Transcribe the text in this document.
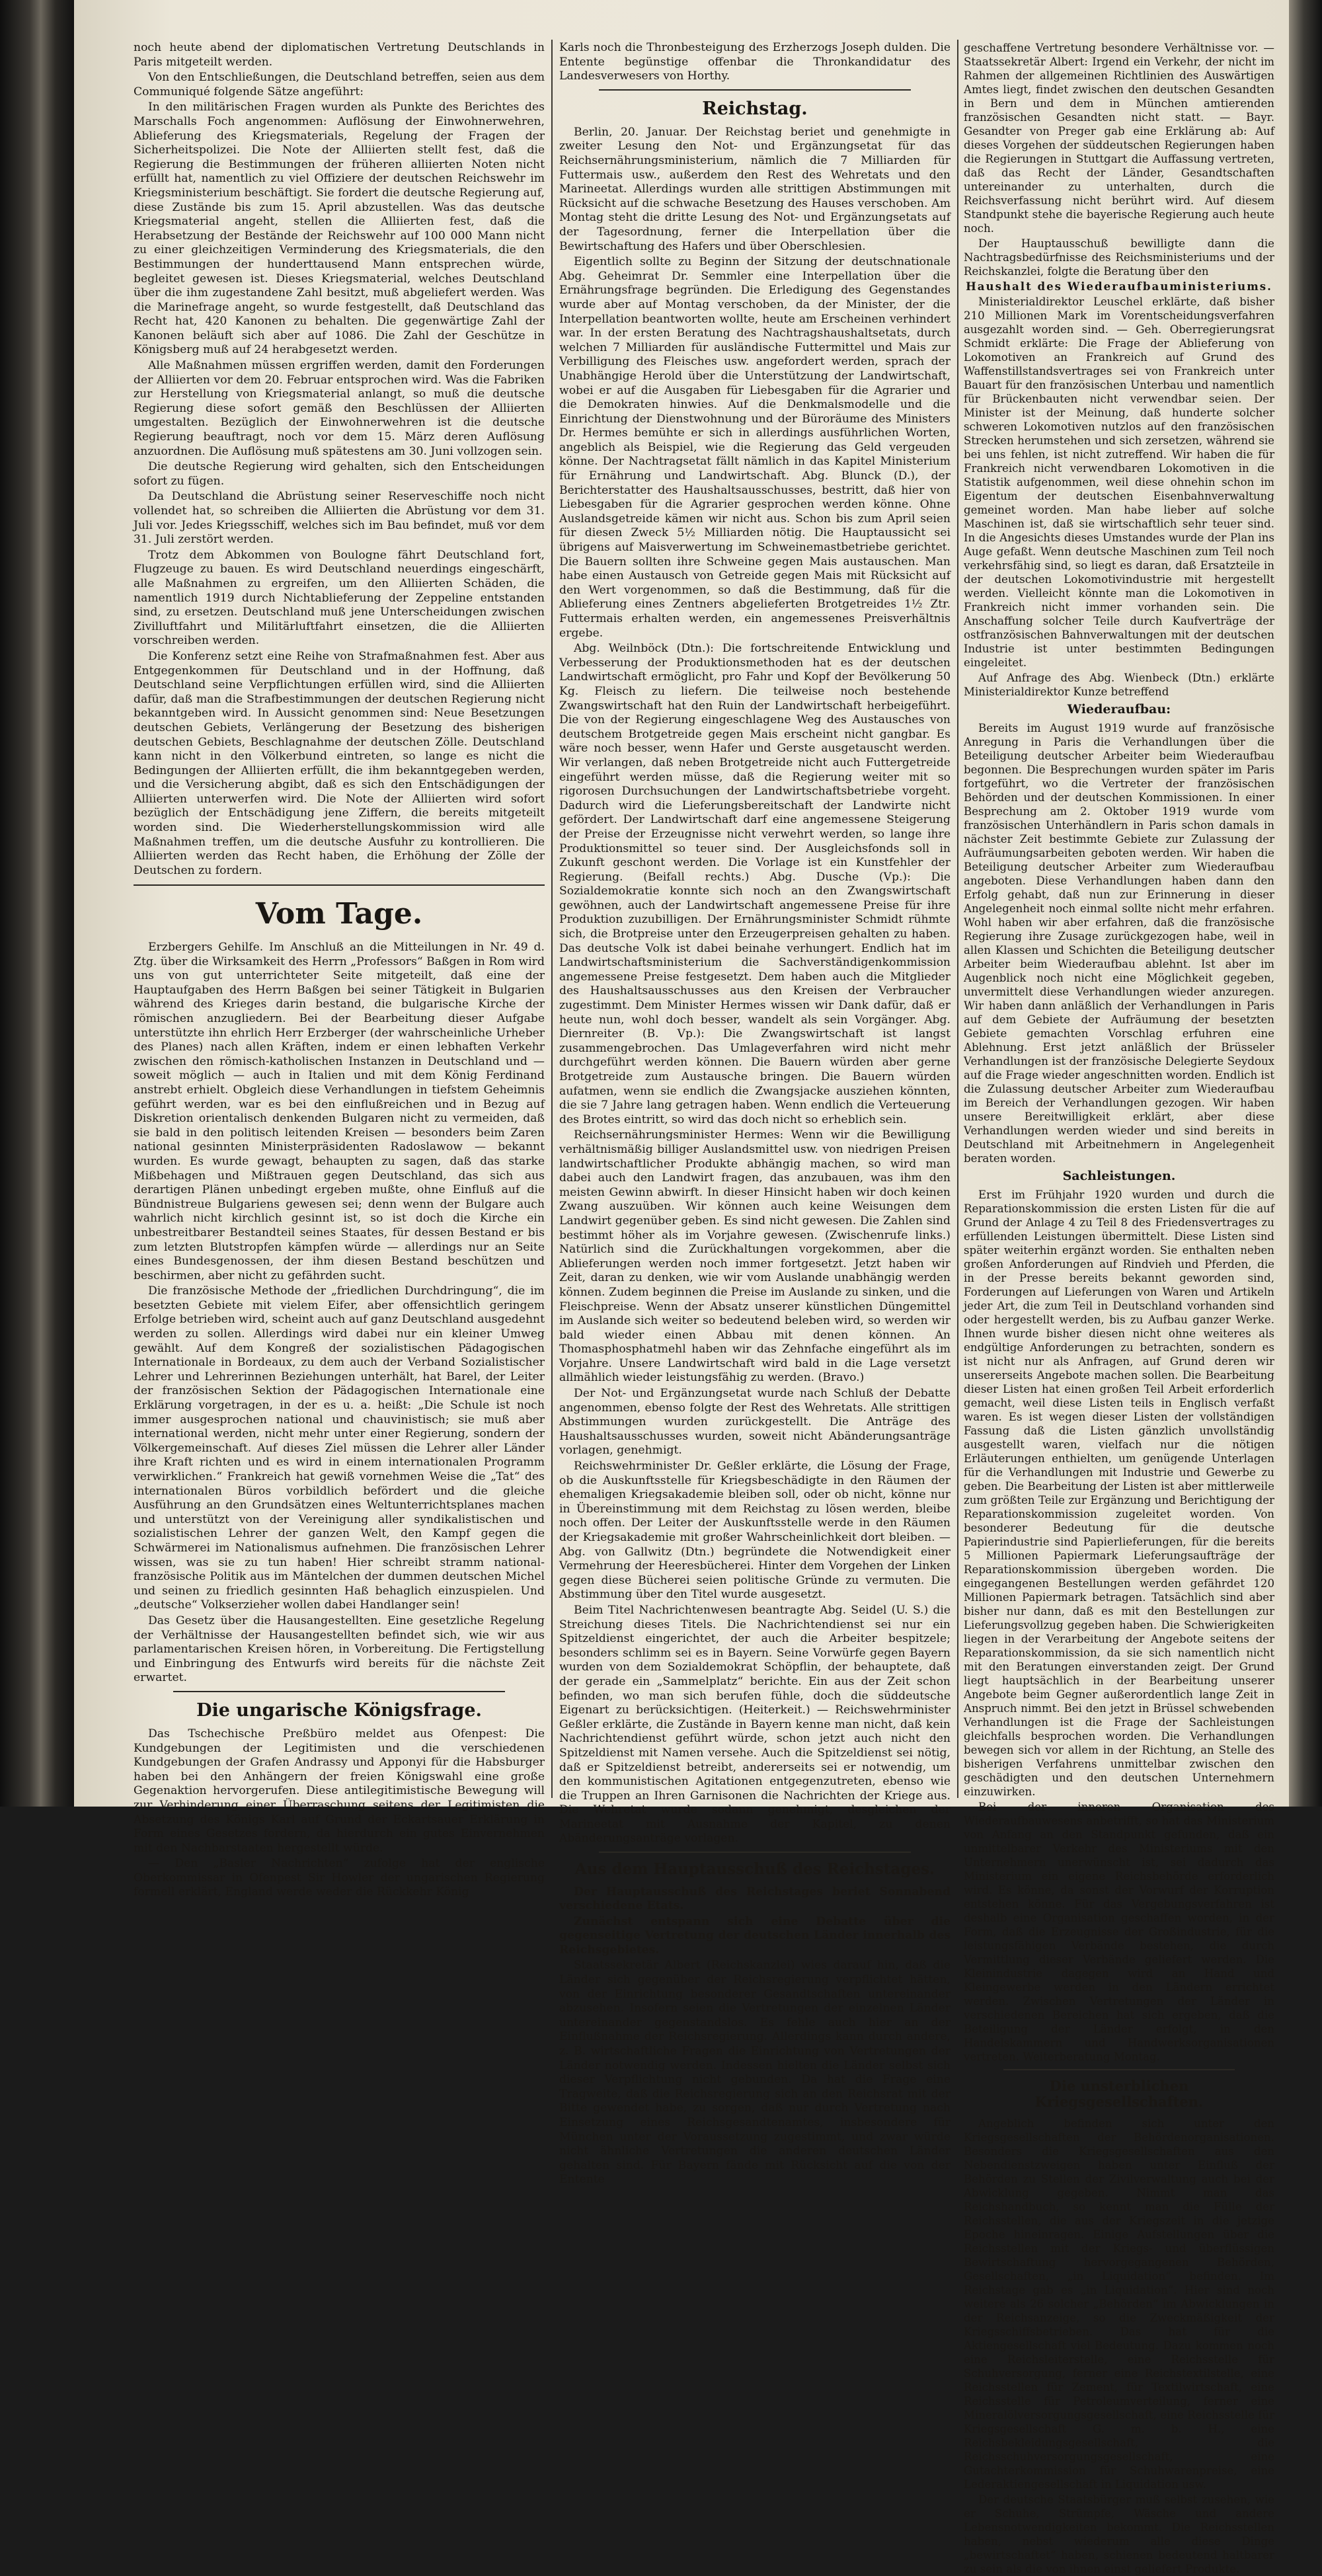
noch heute abend der diplomatischen Vertretung Deutschlands in Paris mitgeteilt werden.

Von den Entschließungen, die Deutschland betreffen, seien aus dem Communiqué folgende Sätze angeführt:

In den militärischen Fragen wurden als Punkte des Berichtes des Marschalls Foch angenommen: Auflösung der Einwohnerwehren, Ablieferung des Kriegsmaterials, Regelung der Fragen der Sicherheitspolizei. Die Note der Alliierten stellt fest, daß die Regierung die Bestimmungen der früheren alliierten Noten nicht erfüllt hat, namentlich zu viel Offiziere der deutschen Reichswehr im Kriegsministerium beschäftigt. Sie fordert die deutsche Regierung auf, diese Zustände bis zum 15. April abzustellen. Was das deutsche Kriegsmaterial angeht, stellen die Alliierten fest, daß die Herabsetzung der Bestände der Reichswehr auf 100 000 Mann nicht zu einer gleichzeitigen Verminderung des Kriegsmaterials, die den Bestimmungen der hunderttausend Mann entsprechen würde, begleitet gewesen ist. Dieses Kriegsmaterial, welches Deutschland über die ihm zugestandene Zahl besitzt, muß abgeliefert werden. Was die Marinefrage angeht, so wurde festgestellt, daß Deutschland das Recht hat, 420 Kanonen zu behalten. Die gegenwärtige Zahl der Kanonen beläuft sich aber auf 1086. Die Zahl der Geschütze in Königsberg muß auf 24 herabgesetzt werden.

Alle Maßnahmen müssen ergriffen werden, damit den Forderungen der Alliierten vor dem 20. Februar entsprochen wird. Was die Fabriken zur Herstellung von Kriegsmaterial anlangt, so muß die deutsche Regierung diese sofort gemäß den Beschlüssen der Alliierten umgestalten. Bezüglich der Einwohnerwehren ist die deutsche Regierung beauftragt, noch vor dem 15. März deren Auflösung anzuordnen. Die Auflösung muß spätestens am 30. Juni vollzogen sein.

Die deutsche Regierung wird gehalten, sich den Entscheidungen sofort zu fügen.

Da Deutschland die Abrüstung seiner Reserveschiffe noch nicht vollendet hat, so schreiben die Alliierten die Abrüstung vor dem 31. Juli vor. Jedes Kriegsschiff, welches sich im Bau befindet, muß vor dem 31. Juli zerstört werden.

Trotz dem Abkommen von Boulogne fährt Deutschland fort, Flugzeuge zu bauen. Es wird Deutschland neuerdings eingeschärft, alle Maßnahmen zu ergreifen, um den Alliierten Schäden, die namentlich 1919 durch Nichtablieferung der Zeppeline entstanden sind, zu ersetzen. Deutschland muß jene Unterscheidungen zwischen Zivilluftfahrt und Militärluftfahrt einsetzen, die die Alliierten vorschreiben werden.

Die Konferenz setzt eine Reihe von Strafmaßnahmen fest. Aber aus Entgegenkommen für Deutschland und in der Hoffnung, daß Deutschland seine Verpflichtungen erfüllen wird, sind die Alliierten dafür, daß man die Strafbestimmungen der deutschen Regierung nicht bekanntgeben wird. In Aussicht genommen sind: Neue Besetzungen deutschen Gebiets, Verlängerung der Besetzung des bisherigen deutschen Gebiets, Beschlagnahme der deutschen Zölle. Deutschland kann nicht in den Völkerbund eintreten, so lange es nicht die Bedingungen der Alliierten erfüllt, die ihm bekanntgegeben werden, und die Versicherung abgibt, daß es sich den Entschädigungen der Alliierten unterwerfen wird. Die Note der Alliierten wird sofort bezüglich der Entschädigung jene Ziffern, die bereits mitgeteilt worden sind. Die Wiederherstellungskommission wird alle Maßnahmen treffen, um die deutsche Ausfuhr zu kontrollieren. Die Alliierten werden das Recht haben, die Erhöhung der Zölle der Deutschen zu fordern.

Vom Tage.

Erzbergers Gehilfe. Im Anschluß an die Mitteilungen in Nr. 49 d. Ztg. über die Wirksamkeit des Herrn „Professors“ Baßgen in Rom wird uns von gut unterrichteter Seite mitgeteilt, daß eine der Hauptaufgaben des Herrn Baßgen bei seiner Tätigkeit in Bulgarien während des Krieges darin bestand, die bulgarische Kirche der römischen anzugliedern. Bei der Bearbeitung dieser Aufgabe unterstützte ihn ehrlich Herr Erzberger (der wahrscheinliche Urheber des Planes) nach allen Kräften, indem er einen lebhaften Verkehr zwischen den römisch-katholischen Instanzen in Deutschland und — soweit möglich — auch in Italien und mit dem König Ferdinand anstrebt erhielt. Obgleich diese Verhandlungen in tiefstem Geheimnis geführt werden, war es bei den einflußreichen und in Bezug auf Diskretion orientalisch denkenden Bulgaren nicht zu vermeiden, daß sie bald in den politisch leitenden Kreisen — besonders beim Zaren national gesinnten Ministerpräsidenten Radoslawow — bekannt wurden. Es wurde gewagt, behaupten zu sagen, daß das starke Mißbehagen und Mißtrauen gegen Deutschland, das sich aus derartigen Plänen unbedingt ergeben mußte, ohne Einfluß auf die Bündnistreue Bulgariens gewesen sei; denn wenn der Bulgare auch wahrlich nicht kirchlich gesinnt ist, so ist doch die Kirche ein unbestreitbarer Bestandteil seines Staates, für dessen Bestand er bis zum letzten Blutstropfen kämpfen würde — allerdings nur an Seite eines Bundesgenossen, der ihm diesen Bestand beschützen und beschirmen, aber nicht zu gefährden sucht.

Die französische Methode der „friedlichen Durchdringung“, die im besetzten Gebiete mit vielem Eifer, aber offensichtlich geringem Erfolge betrieben wird, scheint auch auf ganz Deutschland ausgedehnt werden zu sollen. Allerdings wird dabei nur ein kleiner Umweg gewählt. Auf dem Kongreß der sozialistischen Pädagogischen Internationale in Bordeaux, zu dem auch der Verband Sozialistischer Lehrer und Lehrerinnen Beziehungen unterhält, hat Barel, der Leiter der französischen Sektion der Pädagogischen Internationale eine Erklärung vorgetragen, in der es u. a. heißt: „Die Schule ist noch immer ausgesprochen national und chauvinistisch; sie muß aber international werden, nicht mehr unter einer Regierung, sondern der Völkergemeinschaft. Auf dieses Ziel müssen die Lehrer aller Länder ihre Kraft richten und es wird in einem internationalen Programm verwirklichen.“ Frankreich hat gewiß vornehmen Weise die „Tat“ des internationalen Büros vorbildlich befördert und die gleiche Ausführung an den Grundsätzen eines Weltunterrichtsplanes machen und unterstützt von der Vereinigung aller syndikalistischen und sozialistischen Lehrer der ganzen Welt, den Kampf gegen die Schwärmerei im Nationalismus aufnehmen. Die französischen Lehrer wissen, was sie zu tun haben! Hier schreibt stramm national-französische Politik aus im Mäntelchen der dummen deutschen Michel und seinen zu friedlich gesinnten Haß behaglich einzuspielen. Und „deutsche“ Volkserzieher wollen dabei Handlanger sein!

Das Gesetz über die Hausangestellten. Eine gesetzliche Regelung der Verhältnisse der Hausangestellten befindet sich, wie wir aus parlamentarischen Kreisen hören, in Vorbereitung. Die Fertigstellung und Einbringung des Entwurfs wird bereits für die nächste Zeit erwartet.

Die ungarische Königsfrage.

Das Tschechische Preßbüro meldet aus Ofenpest: Die Kundgebungen der Legitimisten und die verschiedenen Kundgebungen der Grafen Andrassy und Apponyi für die Habsburger haben bei den Anhängern der freien Königswahl eine große Gegenaktion hervorgerufen. Diese antilegitimistische Bewegung will zur Verhinderung einer Überraschung seitens der Legitimisten die Absetzung des Königs Karl auf Grund der Eckartsauer Erklärung in Form eines Gesetzes fordern, da hierdurch ein gutes Einvernehmen mit den Nachbarstaaten hergestellt würde.

— Den „Basler Nachrichten“ zufolge hat der englische Oberkommissar in Ofenpest Sir Howler der ungarischen Regierung formell erklärt, England werde weder die Rückkehr König

Karls noch die Thronbesteigung des Erzherzogs Joseph dulden. Die Entente begünstige offenbar die Thronkandidatur des Landesverwesers von Horthy.

Reichstag.

Berlin, 20. Januar. Der Reichstag beriet und genehmigte in zweiter Lesung den Not- und Ergänzungsetat für das Reichsernährungsministerium, nämlich die 7 Milliarden für Futtermais usw., außerdem den Rest des Wehretats und den Marineetat. Allerdings wurden alle strittigen Abstimmungen mit Rücksicht auf die schwache Besetzung des Hauses verschoben. Am Montag steht die dritte Lesung des Not- und Ergänzungsetats auf der Tagesordnung, ferner die Interpellation über die Bewirtschaftung des Hafers und über Oberschlesien.

Eigentlich sollte zu Beginn der Sitzung der deutschnationale Abg. Geheimrat Dr. Semmler eine Interpellation über die Ernährungsfrage begründen. Die Erledigung des Gegenstandes wurde aber auf Montag verschoben, da der Minister, der die Interpellation beantworten wollte, heute am Erscheinen verhindert war. In der ersten Beratung des Nachtragshaushaltsetats, durch welchen 7 Milliarden für ausländische Futtermittel und Mais zur Verbilligung des Fleisches usw. angefordert werden, sprach der Unabhängige Herold über die Unterstützung der Landwirtschaft, wobei er auf die Ausgaben für Liebesgaben für die Agrarier und die Demokraten hinwies. Auf die Denkmalsmodelle und die Einrichtung der Dienstwohnung und der Büroräume des Ministers Dr. Hermes bemühte er sich in allerdings ausführlichen Worten, angeblich als Beispiel, wie die Regierung das Geld vergeuden könne. Der Nachtragsetat fällt nämlich in das Kapitel Ministerium für Ernährung und Landwirtschaft. Abg. Blunck (D.), der Berichterstatter des Haushaltsausschusses, bestritt, daß hier von Liebesgaben für die Agrarier gesprochen werden könne. Ohne Auslandsgetreide kämen wir nicht aus. Schon bis zum April seien für diesen Zweck 5½ Milliarden nötig. Die Hauptaussicht sei übrigens auf Maisverwertung im Schweinemastbetriebe gerichtet. Die Bauern sollten ihre Schweine gegen Mais austauschen. Man habe einen Austausch von Getreide gegen Mais mit Rücksicht auf den Wert vorgenommen, so daß die Bestimmung, daß für die Ablieferung eines Zentners abgelieferten Brotgetreides 1½ Ztr. Futtermais erhalten werden, ein angemessenes Preisverhältnis ergebe.

Abg. Weilnböck (Dtn.): Die fortschreitende Entwicklung und Verbesserung der Produktionsmethoden hat es der deutschen Landwirtschaft ermöglicht, pro Fahr und Kopf der Bevölkerung 50 Kg. Fleisch zu liefern. Die teilweise noch bestehende Zwangswirtschaft hat den Ruin der Landwirtschaft herbeigeführt. Die von der Regierung eingeschlagene Weg des Austausches von deutschem Brotgetreide gegen Mais erscheint nicht gangbar. Es wäre noch besser, wenn Hafer und Gerste ausgetauscht werden. Wir verlangen, daß neben Brotgetreide nicht auch Futtergetreide eingeführt werden müsse, daß die Regierung weiter mit so rigorosen Durchsuchungen der Landwirtschaftsbetriebe vorgeht. Dadurch wird die Lieferungsbereitschaft der Landwirte nicht gefördert. Der Landwirtschaft darf eine angemessene Steigerung der Preise der Erzeugnisse nicht verwehrt werden, so lange ihre Produktionsmittel so teuer sind. Der Ausgleichsfonds soll in Zukunft geschont werden. Die Vorlage ist ein Kunstfehler der Regierung. (Beifall rechts.) Abg. Dusche (Vp.): Die Sozialdemokratie konnte sich noch an den Zwangswirtschaft gewöhnen, auch der Landwirtschaft angemessene Preise für ihre Produktion zuzubilligen. Der Ernährungsminister Schmidt rühmte sich, die Brotpreise unter den Erzeugerpreisen gehalten zu haben. Das deutsche Volk ist dabei beinahe verhungert. Endlich hat im Landwirtschaftsministerium die Sachverständigenkommission angemessene Preise festgesetzt. Dem haben auch die Mitglieder des Haushaltsausschusses aus den Kreisen der Verbraucher zugestimmt. Dem Minister Hermes wissen wir Dank dafür, daß er heute nun, wohl doch besser, wandelt als sein Vorgänger. Abg. Diernreiter (B. Vp.): Die Zwangswirtschaft ist langst zusammengebrochen. Das Umlageverfahren wird nicht mehr durchgeführt werden können. Die Bauern würden aber gerne Brotgetreide zum Austausche bringen. Die Bauern würden aufatmen, wenn sie endlich die Zwangsjacke ausziehen könnten, die sie 7 Jahre lang getragen haben. Wenn endlich die Verteuerung des Brotes eintritt, so wird das doch nicht so erheblich sein.

Reichsernährungsminister Hermes: Wenn wir die Bewilligung verhältnismäßig billiger Auslandsmittel usw. von niedrigen Preisen landwirtschaftlicher Produkte abhängig machen, so wird man dabei auch den Landwirt fragen, das anzubauen, was ihm den meisten Gewinn abwirft. In dieser Hinsicht haben wir doch keinen Zwang auszuüben. Wir können auch keine Weisungen dem Landwirt gegenüber geben. Es sind nicht gewesen. Die Zahlen sind bestimmt höher als im Vorjahre gewesen. (Zwischenrufe links.) Natürlich sind die Zurückhaltungen vorgekommen, aber die Ablieferungen werden noch immer fortgesetzt. Jetzt haben wir Zeit, daran zu denken, wie wir vom Auslande unabhängig werden können. Zudem beginnen die Preise im Auslande zu sinken, und die Fleischpreise. Wenn der Absatz unserer künstlichen Düngemittel im Auslande sich weiter so bedeutend beleben wird, so werden wir bald wieder einen Abbau mit denen können. An Thomasphosphatmehl haben wir das Zehnfache eingeführt als im Vorjahre. Unsere Landwirtschaft wird bald in die Lage versetzt allmählich wieder leistungsfähig zu werden. (Bravo.)

Der Not- und Ergänzungsetat wurde nach Schluß der Debatte angenommen, ebenso folgte der Rest des Wehretats. Alle strittigen Abstimmungen wurden zurückgestellt. Die Anträge des Haushaltsausschusses wurden, soweit nicht Abänderungsanträge vorlagen, genehmigt.

Reichswehrminister Dr. Geßler erklärte, die Lösung der Frage, ob die Auskunftsstelle für Kriegsbeschädigte in den Räumen der ehemaligen Kriegsakademie bleiben soll, oder ob nicht, könne nur in Übereinstimmung mit dem Reichstag zu lösen werden, bleibe noch offen. Der Leiter der Auskunftsstelle werde in den Räumen der Kriegsakademie mit großer Wahrscheinlichkeit dort bleiben. — Abg. von Gallwitz (Dtn.) begründete die Notwendigkeit einer Vermehrung der Heeresbücherei. Hinter dem Vorgehen der Linken gegen diese Bücherei seien politische Gründe zu vermuten. Die Abstimmung über den Titel wurde ausgesetzt.

Beim Titel Nachrichtenwesen beantragte Abg. Seidel (U. S.) die Streichung dieses Titels. Die Nachrichtendienst sei nur ein Spitzeldienst eingerichtet, der auch die Arbeiter bespitzele; besonders schlimm sei es in Bayern. Seine Vorwürfe gegen Bayern wurden von dem Sozialdemokrat Schöpflin, der behauptete, daß der gerade ein „Sammelplatz“ berichte. Ein aus der Zeit schon befinden, wo man sich berufen fühle, doch die süddeutsche Eigenart zu berücksichtigen. (Heiterkeit.) — Reichswehrminister Geßler erklärte, die Zustände in Bayern kenne man nicht, daß kein Nachrichtendienst geführt würde, schon jetzt auch nicht den Spitzeldienst mit Namen versehe. Auch die Spitzeldienst sei nötig, daß er Spitzeldienst betreibt, andererseits sei er notwendig, um den kommunistischen Agitationen entgegenzutreten, ebenso wie die Truppen an Ihren Garnisonen die Nachrichten der Kriege aus. Die Wehretat wurde sodann genehmigt, desgleichen der Marineetat mit Ausnahme der Kapitel, zu denen Abänderungsanträge vorlagen.

Aus dem Hauptausschuß des Reichstages.

Der Hauptausschuß des Reichstages beriet Sonnabend verschiedene Etats.

Zunächst entspann sich eine Debatte über die gegenseitige Vertretung der deutschen Länder innerhalb des Reichsgebietes.

Staatssekretär Albert (Reichskanzlei) wies darauf hin, daß die Länder sich gegenüber der Reichsregierung verpflichtet hätten, von der Einrichtung besonderer Gesandtschaften untereinander abzusehen. Insofern seien die Vertretungen der einzelnen Länder untereinander gegenstandslos. Es fehle auch hier an der Einflußnahme der Reichsregierung. Allerdings kann durch andere, z. B. wirtschaftliche Fragen die Einrichtung von Vertretungen der Länder notwendig werden. Indessen hielten die Länder selbst sich dieser Verpflichtung nicht gebunden. Da hat die Frage eine Tragweite, daß die Reichsregierung sich an den Reichsrat mit der Bitte gewendet habe, zu sorgen, daß nur durch Vertretung nach Einsetzung eines Reichsgesandtenamtes, insbesondere für München unter der Voraussetzung zugestimmt, und zwar würde nicht ähnliche Vertretungen die anderen deutschen Länder gehalten sind. Für Bayern fände mit Rücksicht auf die von der Entente

geschaffene Vertretung besondere Verhältnisse vor. — Staatssekretär Albert: Irgend ein Verkehr, der nicht im Rahmen der allgemeinen Richtlinien des Auswärtigen Amtes liegt, findet zwischen den deutschen Gesandten in Bern und dem in München amtierenden französischen Gesandten nicht statt. — Bayr. Gesandter von Preger gab eine Erklärung ab: Auf dieses Vorgehen der süddeutschen Regierungen haben die Regierungen in Stuttgart die Auffassung vertreten, daß das Recht der Länder, Gesandtschaften untereinander zu unterhalten, durch die Reichsverfassung nicht berührt wird. Auf diesem Standpunkt stehe die bayerische Regierung auch heute noch.

Der Hauptausschuß bewilligte dann die Nachtragsbedürfnisse des Reichsministeriums und der Reichskanzlei, folgte die Beratung über den

Haushalt des Wiederaufbauministeriums.

Ministerialdirektor Leuschel erklärte, daß bisher 210 Millionen Mark im Vorentscheidungsverfahren ausgezahlt worden sind. — Geh. Oberregierungsrat Schmidt erklärte: Die Frage der Ablieferung von Lokomotiven an Frankreich auf Grund des Waffenstillstandsvertrages sei von Frankreich unter Bauart für den französischen Unterbau und namentlich für Brückenbauten nicht verwendbar seien. Der Minister ist der Meinung, daß hunderte solcher schweren Lokomotiven nutzlos auf den französischen Strecken herumstehen und sich zersetzen, während sie bei uns fehlen, ist nicht zutreffend. Wir haben die für Frankreich nicht verwendbaren Lokomotiven in die Statistik aufgenommen, weil diese ohnehin schon im Eigentum der deutschen Eisenbahnverwaltung gemeinet worden. Man habe lieber auf solche Maschinen ist, daß sie wirtschaftlich sehr teuer sind. In die Angesichts dieses Umstandes wurde der Plan ins Auge gefaßt. Wenn deutsche Maschinen zum Teil noch verkehrsfähig sind, so liegt es daran, daß Ersatzteile in der deutschen Lokomotivindustrie mit hergestellt werden. Vielleicht könnte man die Lokomotiven in Frankreich nicht immer vorhanden sein. Die Anschaffung solcher Teile durch Kaufverträge der ostfranzösischen Bahnverwaltungen mit der deutschen Industrie ist unter bestimmten Bedingungen eingeleitet.

Auf Anfrage des Abg. Wienbeck (Dtn.) erklärte Ministerialdirektor Kunze betreffend

Wiederaufbau:

Bereits im August 1919 wurde auf französische Anregung in Paris die Verhandlungen über die Beteiligung deutscher Arbeiter beim Wiederaufbau begonnen. Die Besprechungen wurden später im Paris fortgeführt, wo die Vertreter der französischen Behörden und der deutschen Kommissionen. In einer Besprechung am 2. Oktober 1919 wurde vom französischen Unterhändlern in Paris schon damals in nächster Zeit bestimmte Gebiete zur Zulassung der Aufräumungsarbeiten geboten werden. Wir haben die Beteiligung deutscher Arbeiter zum Wiederaufbau angeboten. Diese Verhandlungen haben dann den Erfolg gehabt, daß nun zur Erinnerung in dieser Angelegenheit noch einmal sollte nicht mehr erfahren. Wohl haben wir aber erfahren, daß die französische Regierung ihre Zusage zurückgezogen habe, weil in allen Klassen und Schichten die Beteiligung deutscher Arbeiter beim Wiederaufbau ablehnt. Ist aber im Augenblick noch nicht eine Möglichkeit gegeben, unvermittelt diese Verhandlungen wieder anzuregen. Wir haben dann anläßlich der Verhandlungen in Paris auf dem Gebiete der Aufräumung der besetzten Gebiete gemachten Vorschlag erfuhren eine Ablehnung. Erst jetzt anläßlich der Brüsseler Verhandlungen ist der französische Delegierte Seydoux auf die Frage wieder angeschnitten worden. Endlich ist die Zulassung deutscher Arbeiter zum Wiederaufbau im Bereich der Verhandlungen gezogen. Wir haben unsere Bereitwilligkeit erklärt, aber diese Verhandlungen werden wieder und sind bereits in Deutschland mit Arbeitnehmern in Angelegenheit beraten worden.

Sachleistungen.

Erst im Frühjahr 1920 wurden und durch die Reparationskommission die ersten Listen für die auf Grund der Anlage 4 zu Teil 8 des Friedensvertrages zu erfüllenden Leistungen übermittelt. Diese Listen sind später weiterhin ergänzt worden. Sie enthalten neben großen Anforderungen auf Rindvieh und Pferden, die in der Presse bereits bekannt geworden sind, Forderungen auf Lieferungen von Waren und Artikeln jeder Art, die zum Teil in Deutschland vorhanden sind oder hergestellt werden, bis zu Aufbau ganzer Werke. Ihnen wurde bisher diesen nicht ohne weiteres als endgültige Anforderungen zu betrachten, sondern es ist nicht nur als Anfragen, auf Grund deren wir unsererseits Angebote machen sollen. Die Bearbeitung dieser Listen hat einen großen Teil Arbeit erforderlich gemacht, weil diese Listen teils in Englisch verfaßt waren. Es ist wegen dieser Listen der vollständigen Fassung daß die Listen gänzlich unvollständig ausgestellt waren, vielfach nur die nötigen Erläuterungen enthielten, um genügende Unterlagen für die Verhandlungen mit Industrie und Gewerbe zu geben. Die Bearbeitung der Listen ist aber mittlerweile zum größten Teile zur Ergänzung und Berichtigung der Reparationskommission zugeleitet worden. Von besonderer Bedeutung für die deutsche Papierindustrie sind Papierlieferungen, für die bereits 5 Millionen Papiermark Lieferungsaufträge der Reparationskommission übergeben worden. Die eingegangenen Bestellungen werden gefährdet 120 Millionen Papiermark betragen. Tatsächlich sind aber bisher nur dann, daß es mit den Bestellungen zur Lieferungsvollzug gegeben haben. Die Schwierigkeiten liegen in der Verarbeitung der Angebote seitens der Reparationskommission, da sie sich namentlich nicht mit den Beratungen einverstanden zeigt. Der Grund liegt hauptsächlich in der Bearbeitung unserer Angebote beim Gegner außerordentlich lange Zeit in Anspruch nimmt. Bei den jetzt in Brüssel schwebenden Verhandlungen ist die Frage der Sachleistungen gleichfalls besprochen worden. Die Verhandlungen bewegen sich vor allem in der Richtung, an Stelle des bisherigen Verfahrens unmittelbar zwischen den geschädigten und den deutschen Unternehmern einzuwirken.

Bei der inneren Organisation des Wiederaufbauwesens anbetrifft, so hat das Ministerium von Anfang an den Standpunkt gefunden, daß ein unmittelbarer Verkehr des Ministeriums mit den Unternehmern unerwünscht ist, sei dadurch das Ministerium ein eigene Reichsbehörde erforderlich wird. Es könne, da sonst der Vorwurf der Korruption entstehen könne. Für das Vergebungsverfahren ist deshalb eine Organisation geschaffen worden, in der Form, daß die Erzeugnisse der Großindustrie, für die leistungsfähigen Verbände bestehen, die durch Vermittlung dieser Verbände geliefert werden. Die Kleinindustrie dagegen wird an Hand und Kleingewerbe werden in den Ländern errichtet werden. Zwischen Vertretungen der Länder in verschiedenen Bereichen hat sich ergeben, daß die Beteiligung der Länder erfolgt, in den Handelskammern und Handwerksorganisationen vertreten. Weiterberatung Montag.

Die unsterblichen Kriegsgesellschaften.

Angeblich befinden sich unter den Kriegsgesellschaften der Behördenorganisationen. Besonders die Kriegsgesellschaften aus den Nebendienstzweigen haben unter Einfluß der Behörden zu Stellen der Zivilverwaltung auch bei der Abwicklung gegeben. Nimmt man das Reichshandbuch, so kennt man die Fülle der Reichsstellen, die aus der Kriegszeit in die jetzige Epoche hineinragen. Einige Aufstellungen über die Reichsstellen mit der Kriegs- und überflüssigen Bewirtschaftung hervorgegangenen Behörden, Gesellschaften, „in Liquidation“ befinden. Im Reichstage gab es „in Liquidation“. Hier sind noch weitere als 26 solcher „Behörden“ im Abwicklungen in der Reichsanzeige, so die Zweckmäßigkeit der Kriegsschiffsbetrieben. Das hat für die Aktiengesellschaft viel Bedeutung. Dazu kommen noch eine Reichsleiterstelle, eine Reichsstelle für Schuhversorgung, ferner eine Reichstextilstelle, eine Reichsstellen für Zement, für Textilwirtschaft, eine Reichsstelle für Petroleumverteilung, ferner eine Mineralölversorgungsgesellschaft, eine Reichsstelle für Kriegsgesellschaft G. m. b. H., eine Reichsbekleidungsgesellschaft, die Reichsschuhversorgungsgesellschaft, eine Gutachterkommission für Schuhwarenpreise, eine Lederaktiengesellschaft in Liquidation usw.

Der deutsche Staatsbürger muß selbst zusehen, wie er Schuhe, Strümpfe, Wäsche und andere Lebensnotwendigkeiten bekommt. Die Reichsstellen haben, nebst wiederum alle diese Dinge „bewirtschaftet“ haben, schienen bedeutend haltbarer zu sein als die von ihnen einst geliefert Produkte.
